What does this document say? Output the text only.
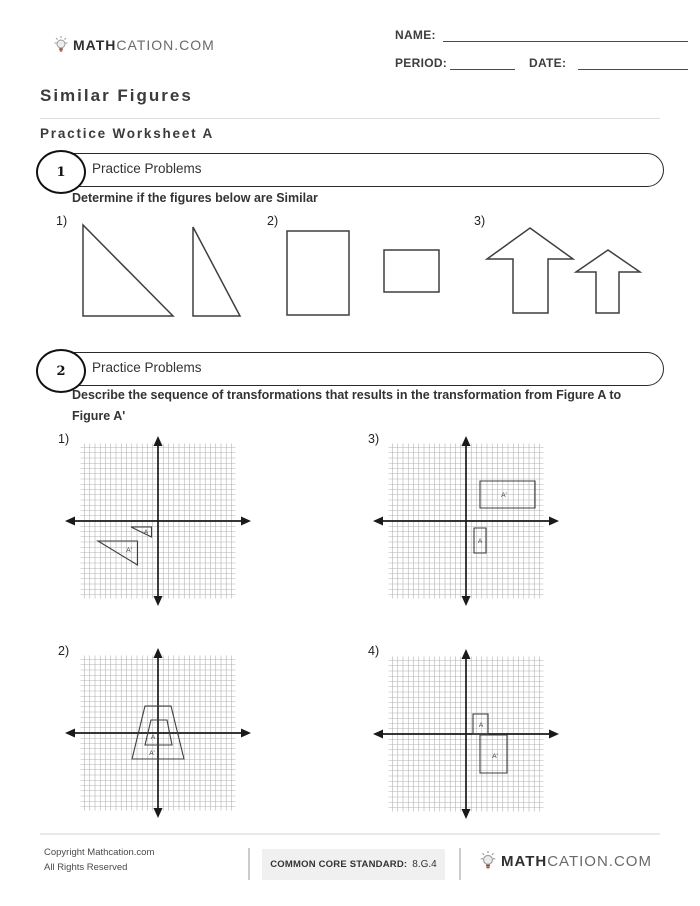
MATHCATION.COM
NAME:
PERIOD:	DATE:
Similar Figures
Practice Worksheet A
1	Practice Problems
Determine if the figures below are Similar
1)	2)	3)
2	Practice Problems
Describe the sequence of transformations that results in the transformation from Figure A to
Figure A'
1)
A
A'
3)
A
A'
2)
A'
A
4)
A
A'
Copyright Mathcation.com
All Rights Reserved	COMMON CORE STANDARD: 8.G.4	MATHCATION.COM
